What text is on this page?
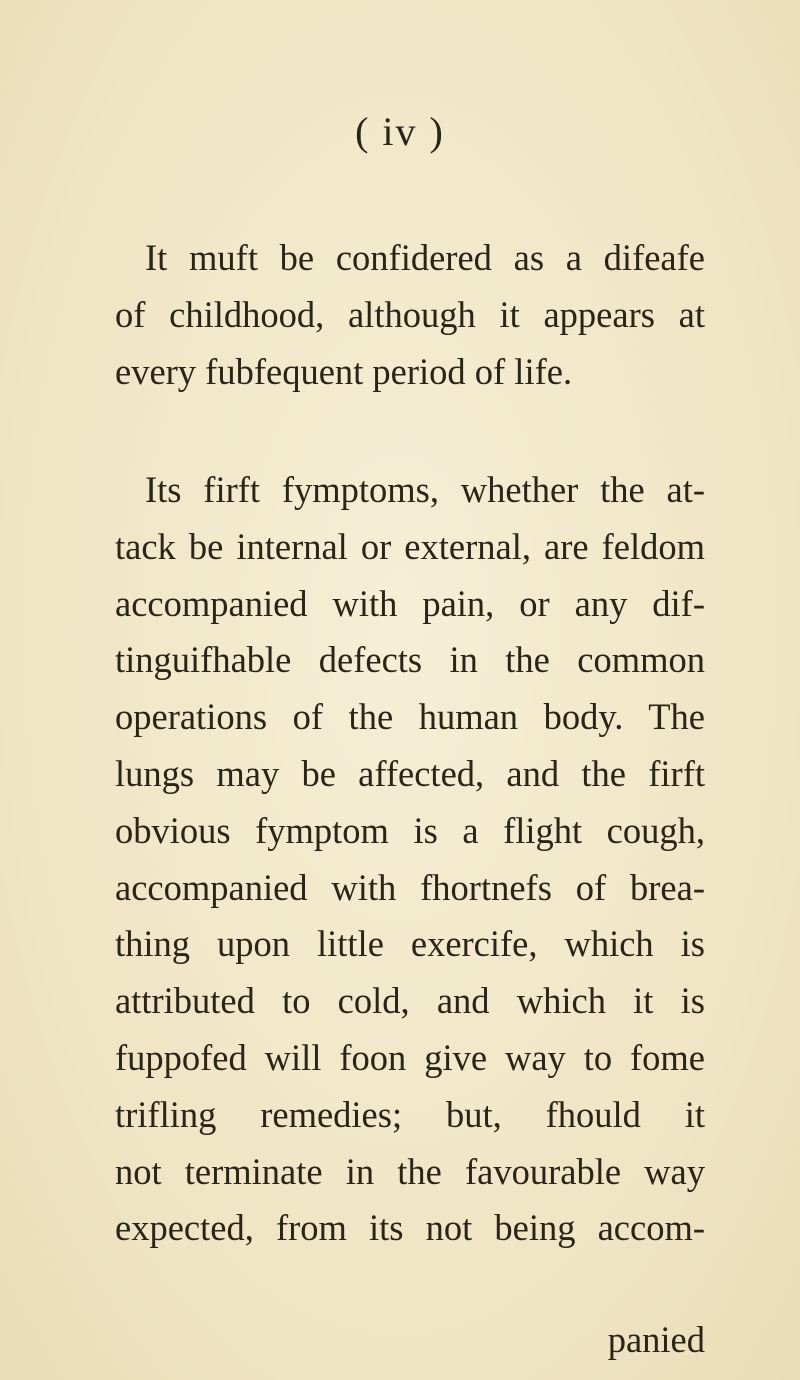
( iv )
It muft be confidered as a difeafe
of childhood, although it appears at
every fubfequent period of life.
Its firft fymptoms, whether the at-
tack be internal or external, are feldom
accompanied with pain, or any dif-
tinguifhable defects in the common
operations of the human body. The
lungs may be affected, and the firft
obvious fymptom is a flight cough,
accompanied with fhortnefs of brea-
thing upon little exercife, which is
attributed to cold, and which it is
fuppofed will foon give way to fome
trifling remedies; but, fhould it
not terminate in the favourable way
expected, from its not being accom-
panied
